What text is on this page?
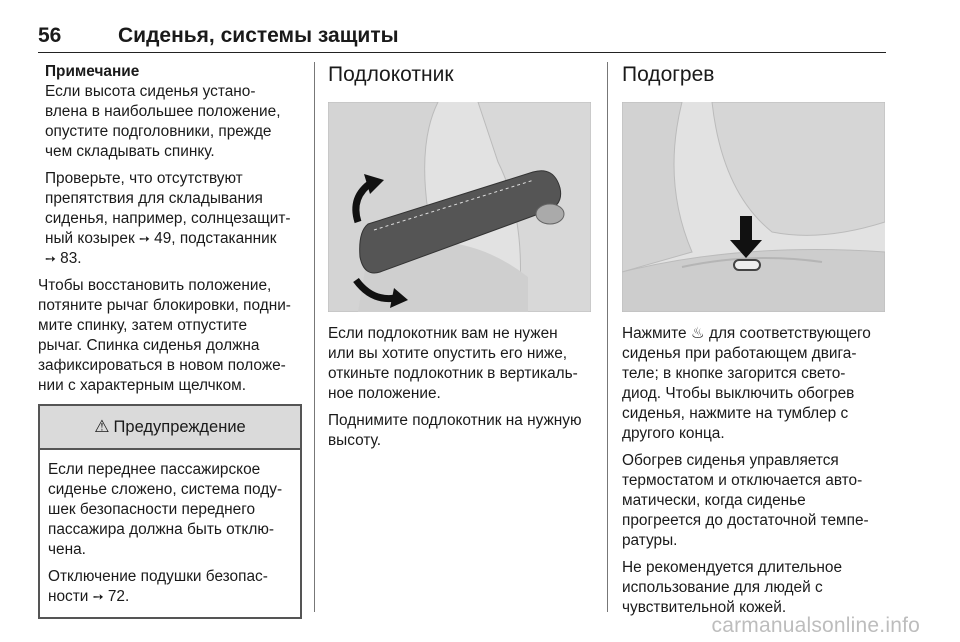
56	Сиденья, системы защиты
Примечание

Если высота сиденья устано-
влена в наибольшее положение,
опустите подголовники, прежде
чем складывать спинку.

Проверьте, что отсутствуют
препятствия для складывания
сиденья, например, солнцезащит-
ный козырек ➙ 49, подстаканник
➙ 83.

Чтобы восстановить положение,
потяните рычаг блокировки, подни-
мите спинку, затем отпустите
рычаг. Спинка сиденья должна
зафиксироваться в новом положе-
нии с характерным щелчком.

⚠ Предупреждение

Если переднее пассажирское
сиденье сложено, система поду-
шек безопасности переднего
пассажира должна быть отклю-
чена.

Отключение подушки безопас-
ности ➙ 72.

Подлокотник

Если подлокотник вам не нужен
или вы хотите опустить его ниже,
откиньте подлокотник в вертикаль-
ное положение.

Поднимите подлокотник на нужную
высоту.

Подогрев

Нажмите ♨ для соответствующего
сиденья при работающем двига-
теле; в кнопке загорится свето-
диод. Чтобы выключить обогрев
сиденья, нажмите на тумблер с
другого конца.

Обогрев сиденья управляется
термостатом и отключается авто-
матически, когда сиденье
прогреется до достаточной темпе-
ратуры.

Не рекомендуется длительное
использование для людей с
чувствительной кожей.

carmanualsonline.info
